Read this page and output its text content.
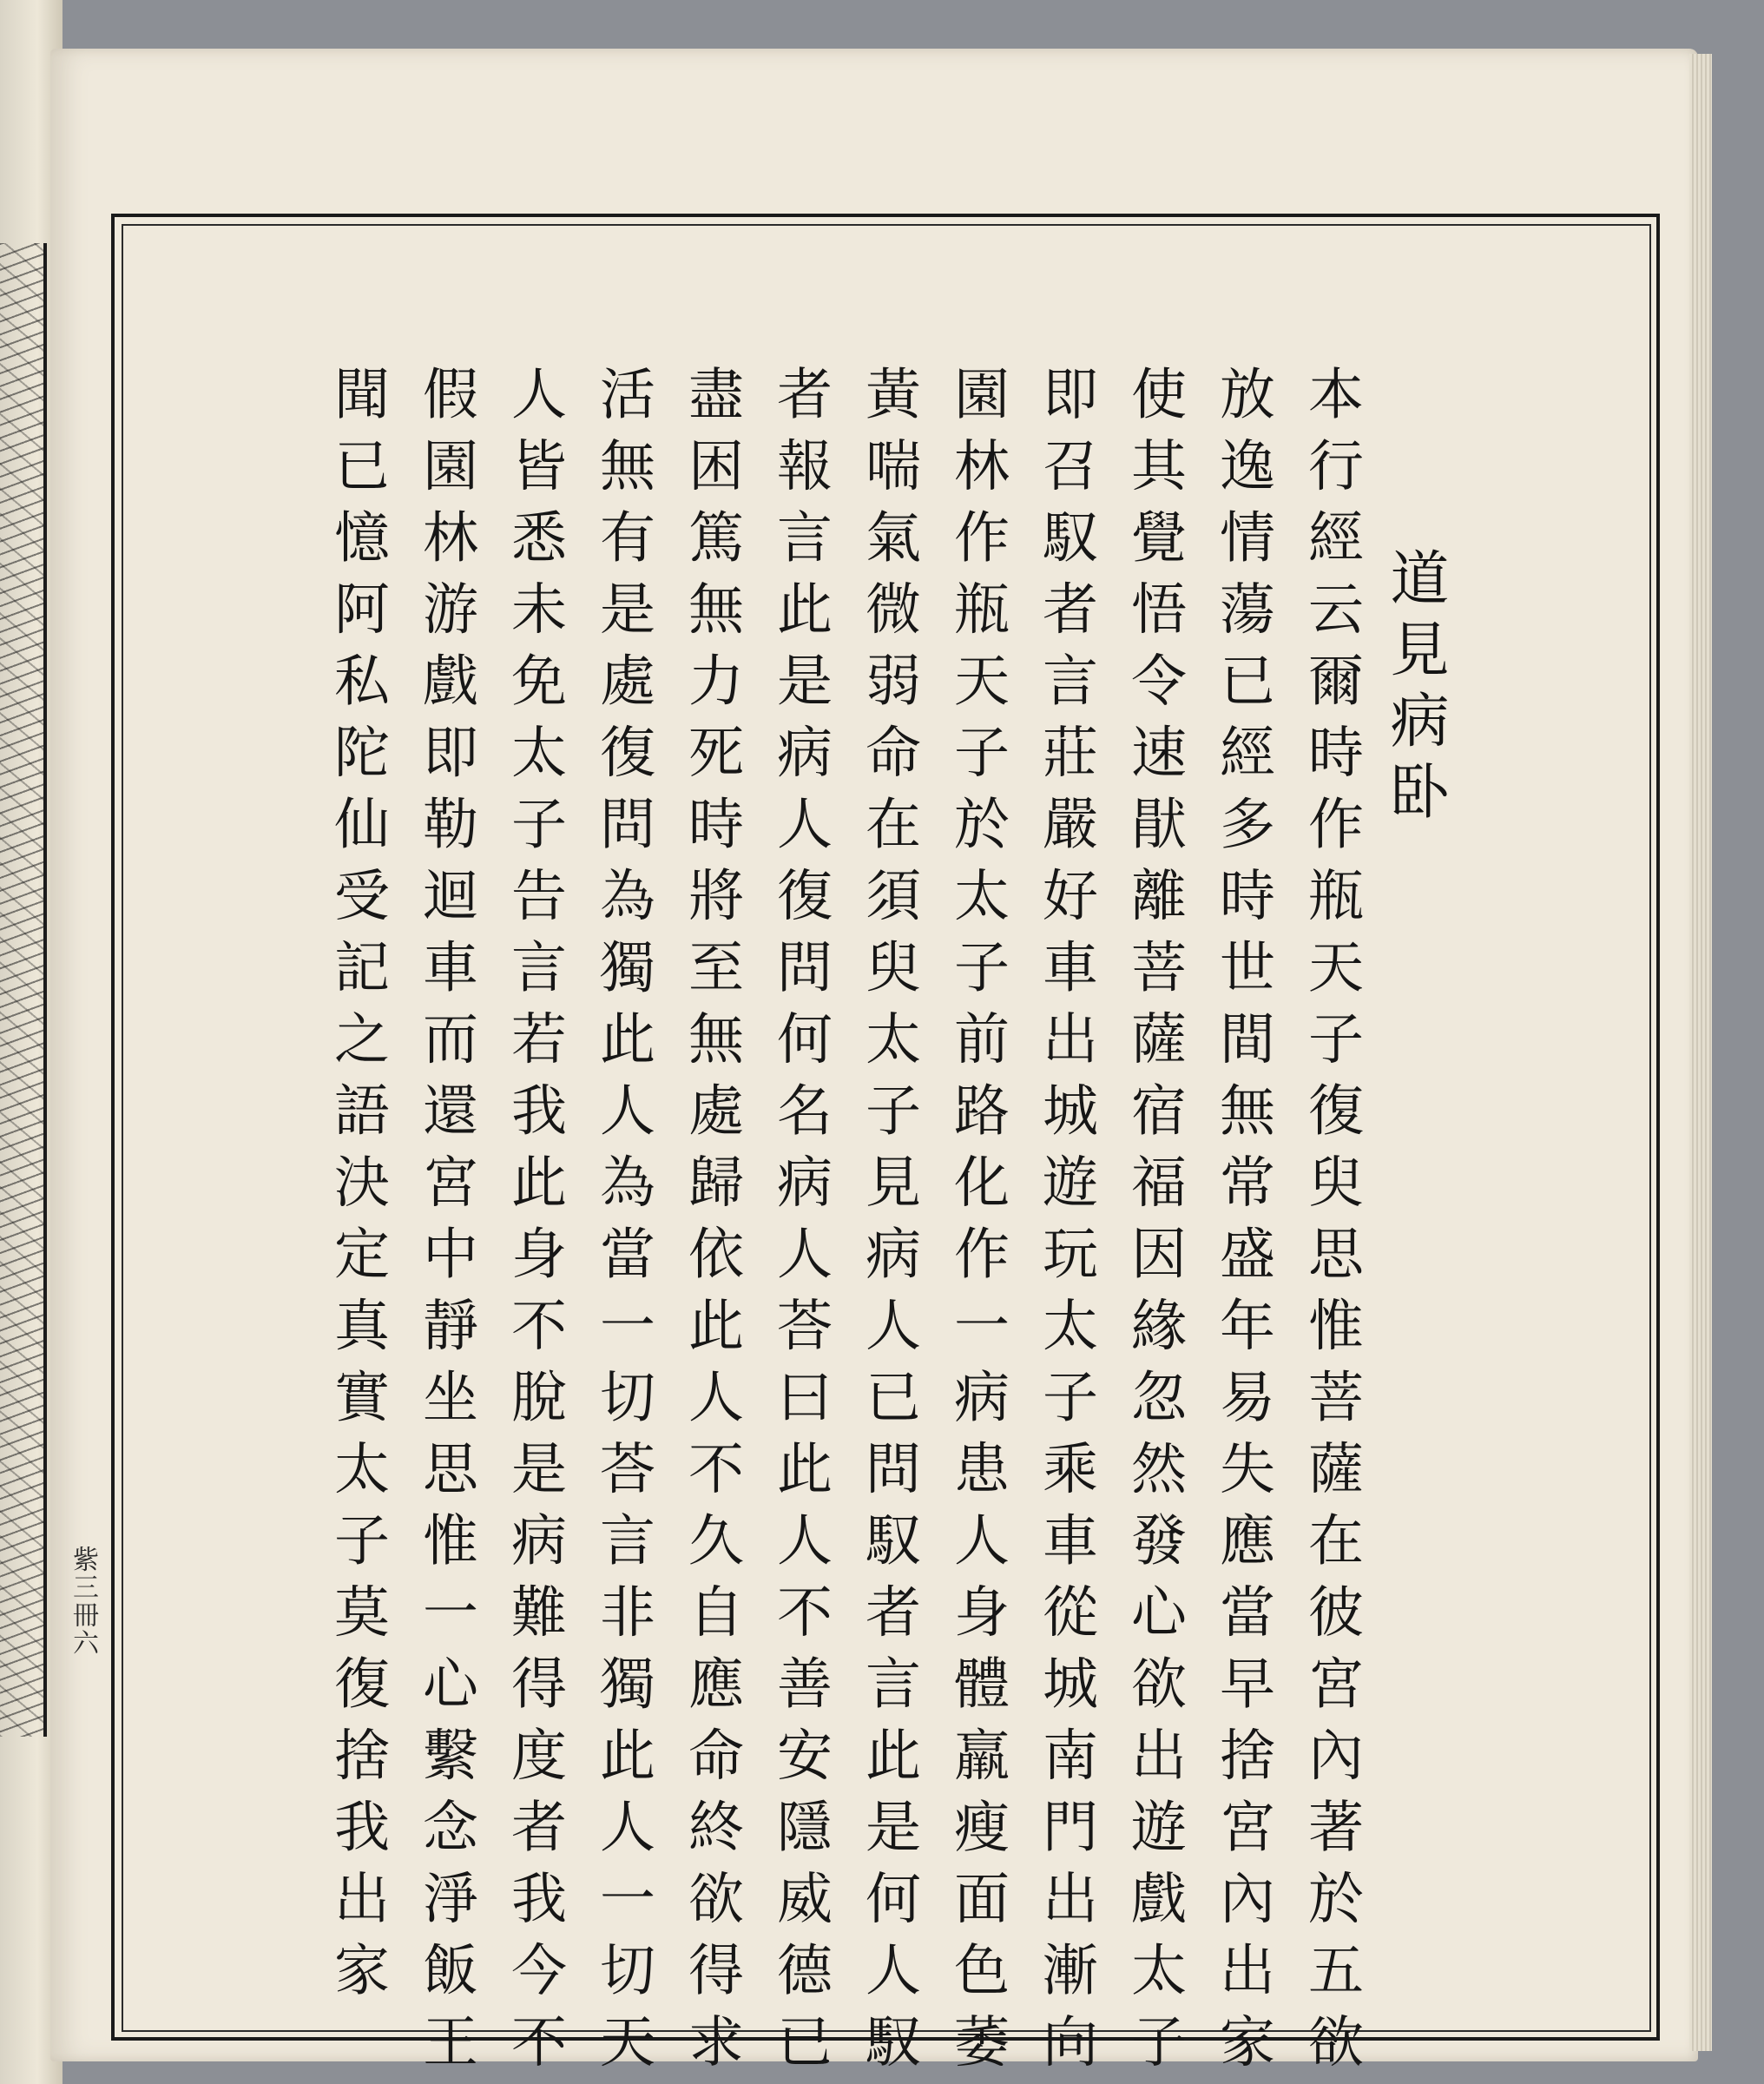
紫三冊六
道見病卧
本行經云爾時作瓶天子復臾思惟菩薩在彼宮內著於五欲
放逸情蕩已經多時世間無常盛年易失應當早捨宮內出家
使其覺悟令速猒離菩薩宿福因緣忽然發心欲出遊戲太子
即召馭者言莊嚴好車出城遊玩太子乘車從城南門出漸向
園林作瓶天子於太子前路化作一病患人身體羸瘦面色萎
黃喘氣微弱命在須臾太子見病人已問馭者言此是何人馭
者報言此是病人復問何名病人荅曰此人不善安隱威德已
盡困篤無力死時將至無處歸依此人不久自應命終欲得求
活無有是處復問為獨此人為當一切荅言非獨此人一切天
人皆悉未免太子告言若我此身不脫是病難得度者我今不
假園林游戲即勒迴車而還宮中靜坐思惟一心繫念淨飯王
聞已憶阿私陀仙受記之語決定真實太子莫復捨我出家
